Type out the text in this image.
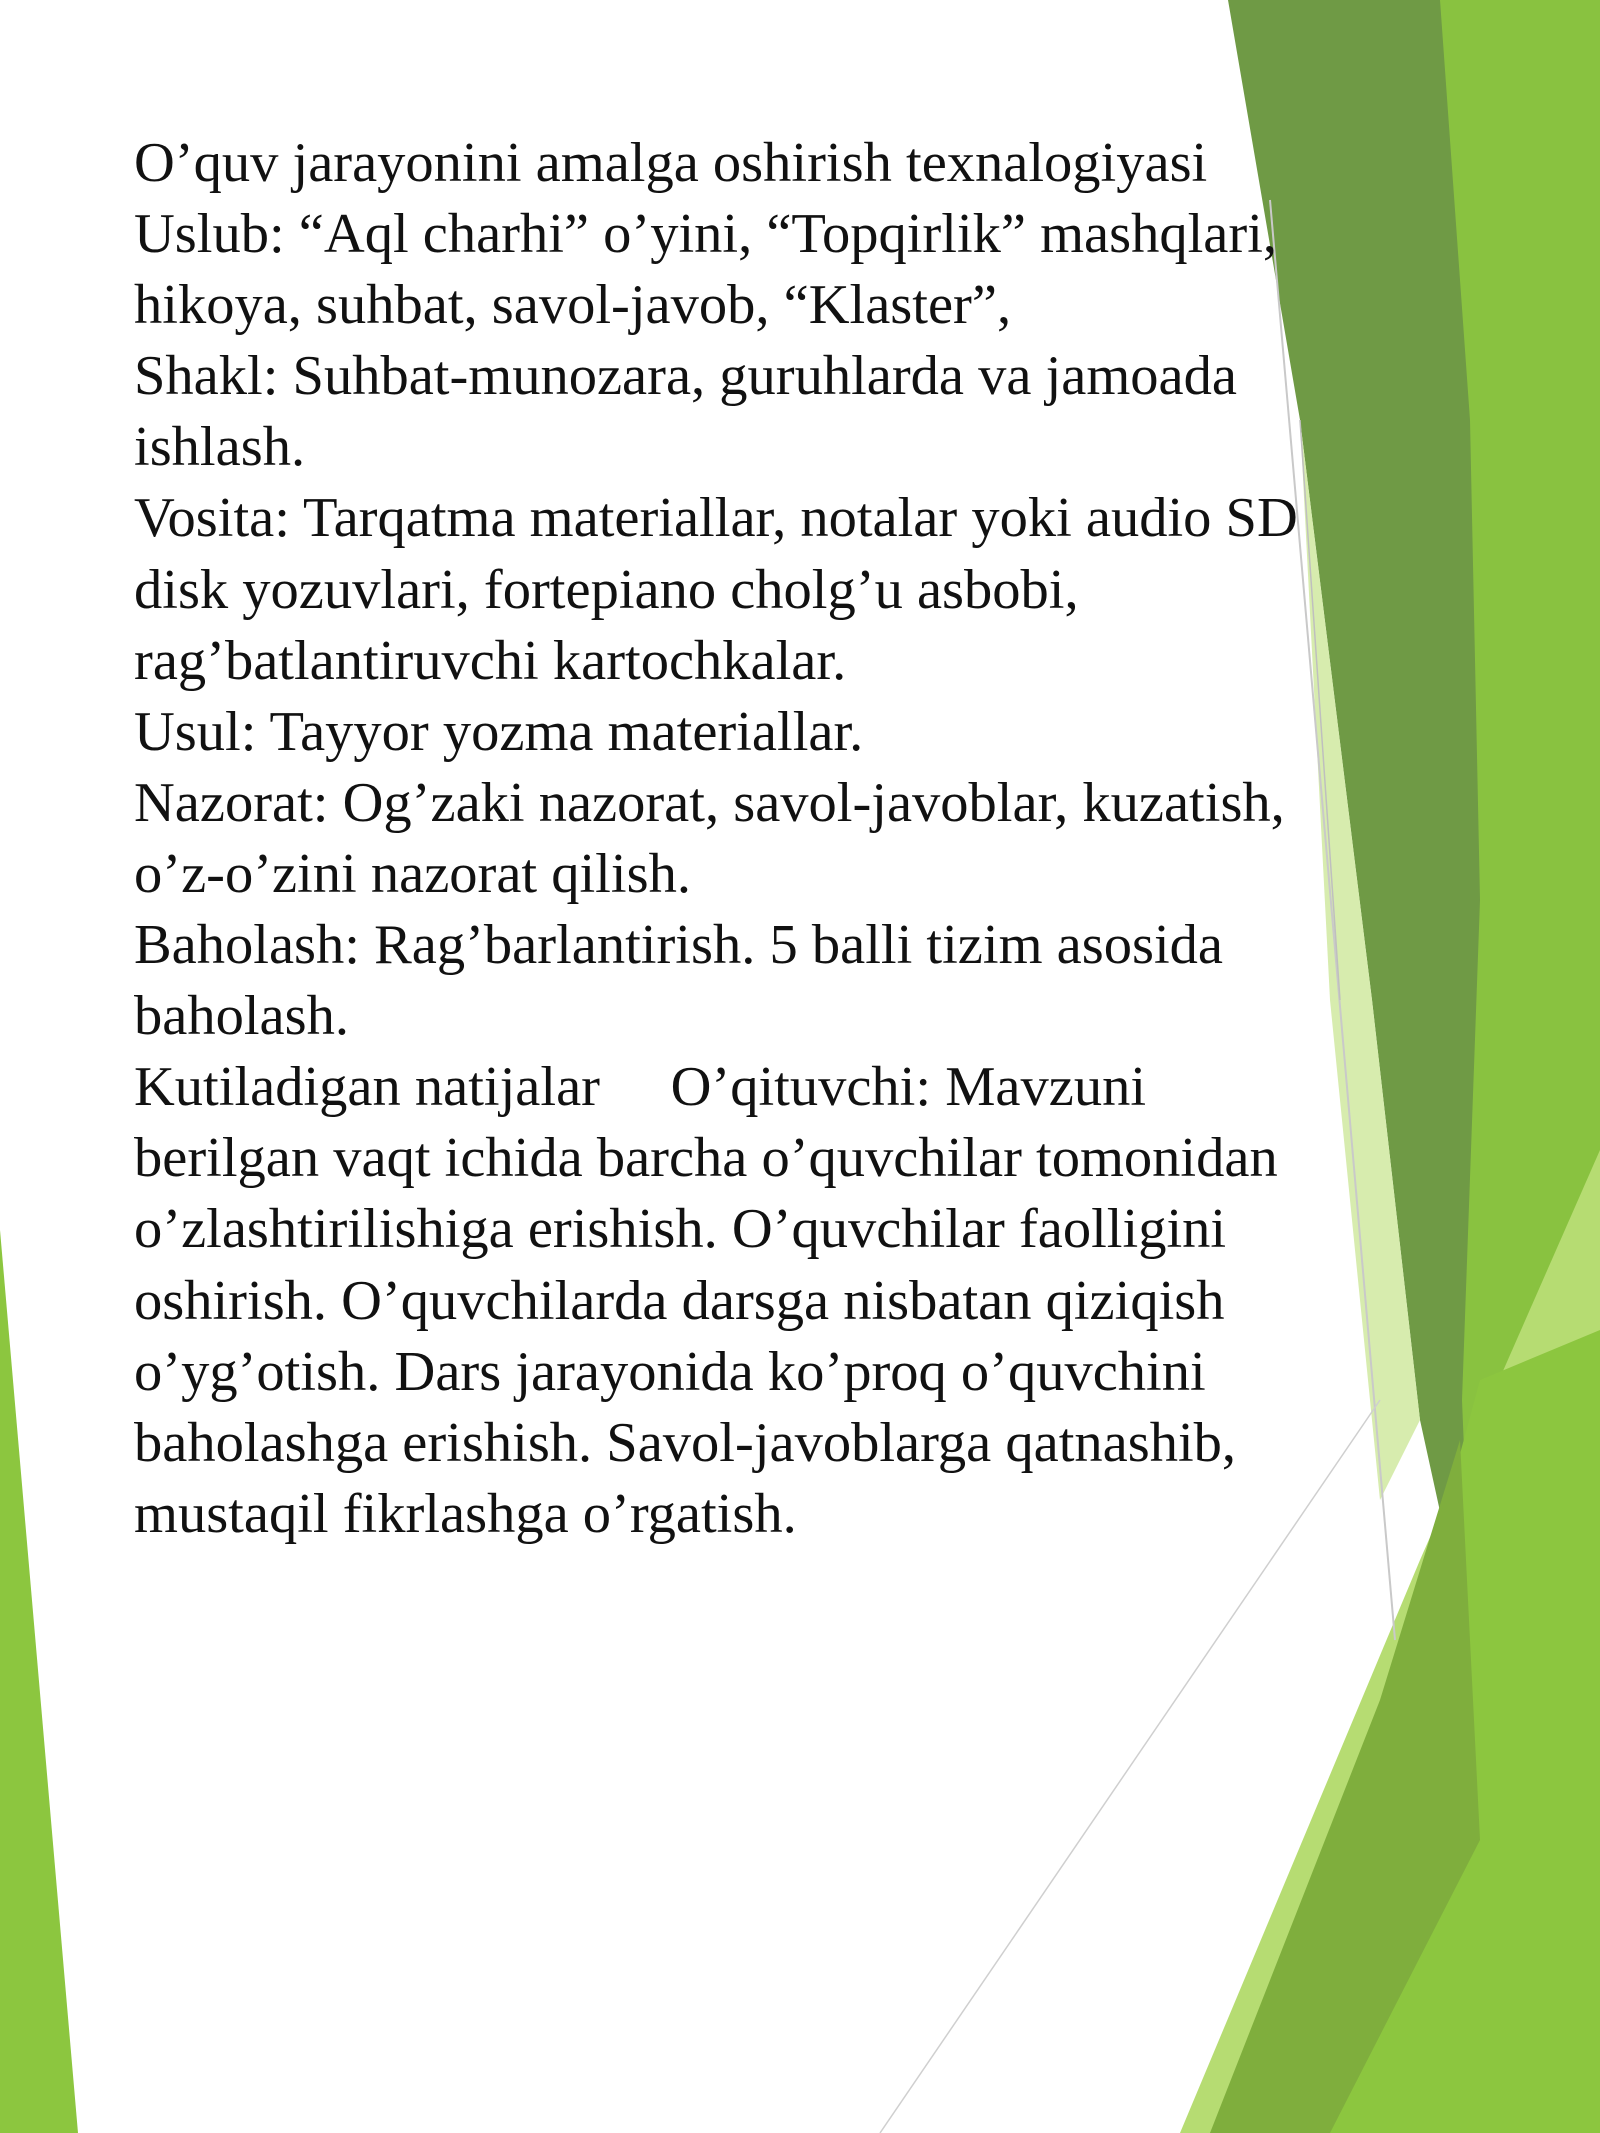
O’quv jarayonini amalga oshirish texnalogiyasi
Uslub: “Aql charhi” o’yini, “Topqirlik” mashqlari,
hikoya, suhbat, savol-javob, “Klaster”,
Shakl: Suhbat-munozara, guruhlarda va jamoada
ishlash.
Vosita: Tarqatma materiallar, notalar yoki audio SD
disk yozuvlari, fortepiano cholg’u asbobi,
rag’batlantiruvchi kartochkalar.
Usul: Tayyor yozma materiallar.
Nazorat: Og’zaki nazorat, savol-javoblar, kuzatish,
o’z-o’zini nazorat qilish.
Baholash: Rag’barlantirish. 5 balli tizim asosida
baholash.
Kutiladigan natijalar     O’qituvchi: Mavzuni
berilgan vaqt ichida barcha o’quvchilar tomonidan
o’zlashtirilishiga erishish. O’quvchilar faolligini
oshirish. O’quvchilarda darsga nisbatan qiziqish
o’yg’otish. Dars jarayonida ko’proq o’quvchini
baholashga erishish. Savol-javoblarga qatnashib,
mustaqil fikrlashga o’rgatish.
